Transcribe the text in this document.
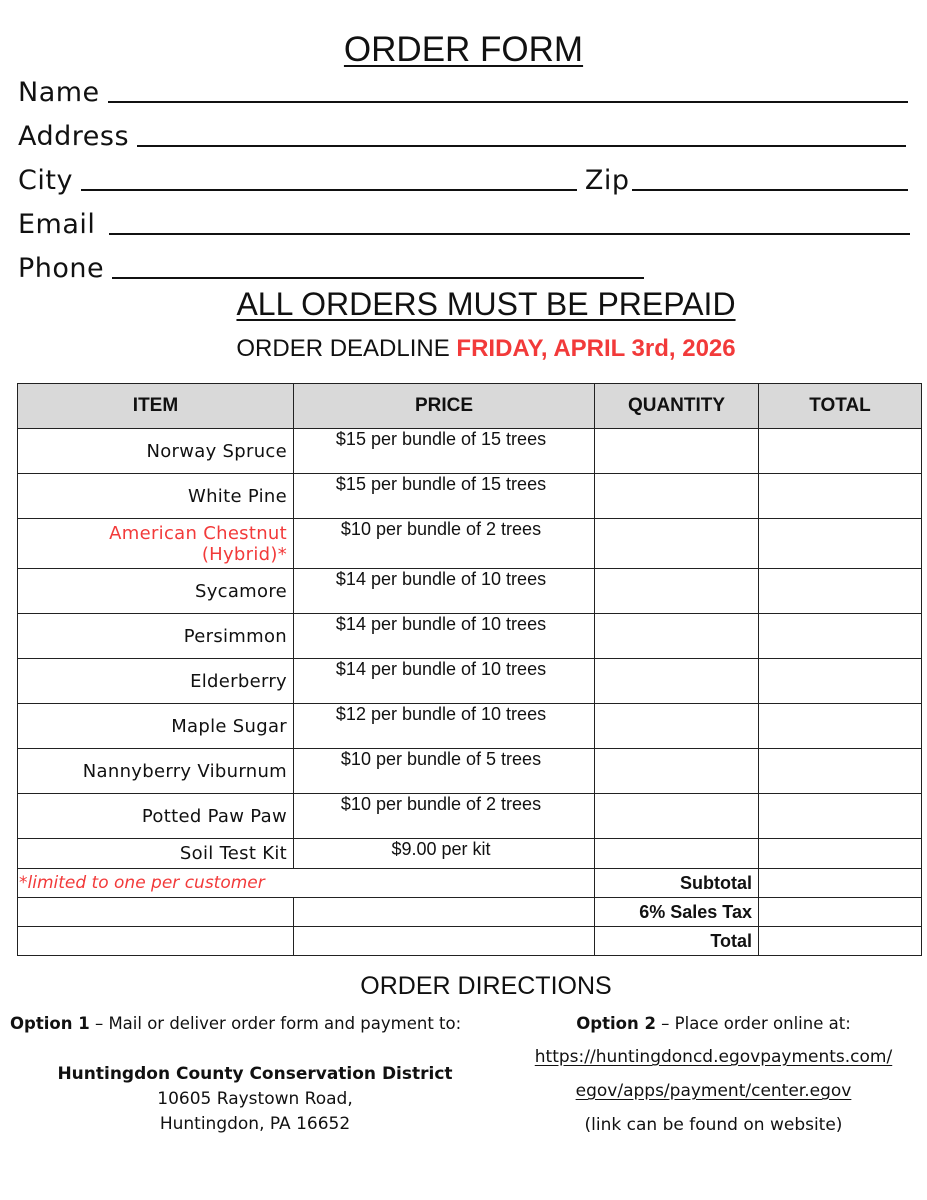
ORDER FORM
Name
Address
City	Zip
Email
Phone
ALL ORDERS MUST BE PREPAID
ORDER DEADLINE FRIDAY, APRIL 3rd, 2026
ITEM	PRICE	QUANTITY	TOTAL
Norway Spruce	$15 per bundle of 15 trees		
White Pine	$15 per bundle of 15 trees		
American Chestnut (Hybrid)*	$10 per bundle of 2 trees		
Sycamore	$14 per bundle of 10 trees		
Persimmon	$14 per bundle of 10 trees		
Elderberry	$14 per bundle of 10 trees		
Maple Sugar	$12 per bundle of 10 trees		
Nannyberry Viburnum	$10 per bundle of 5 trees		
Potted Paw Paw	$10 per bundle of 2 trees		
Soil Test Kit	$9.00 per kit		
*limited to one per customer		Subtotal	
		6% Sales Tax	
		Total	
ORDER DIRECTIONS
Option 1 – Mail or deliver order form and payment to:
Huntingdon County Conservation District
10605 Raystown Road,
Huntingdon, PA 16652
Option 2 – Place order online at:
https://huntingdoncd.egovpayments.com/
egov/apps/payment/center.egov
(link can be found on website)
